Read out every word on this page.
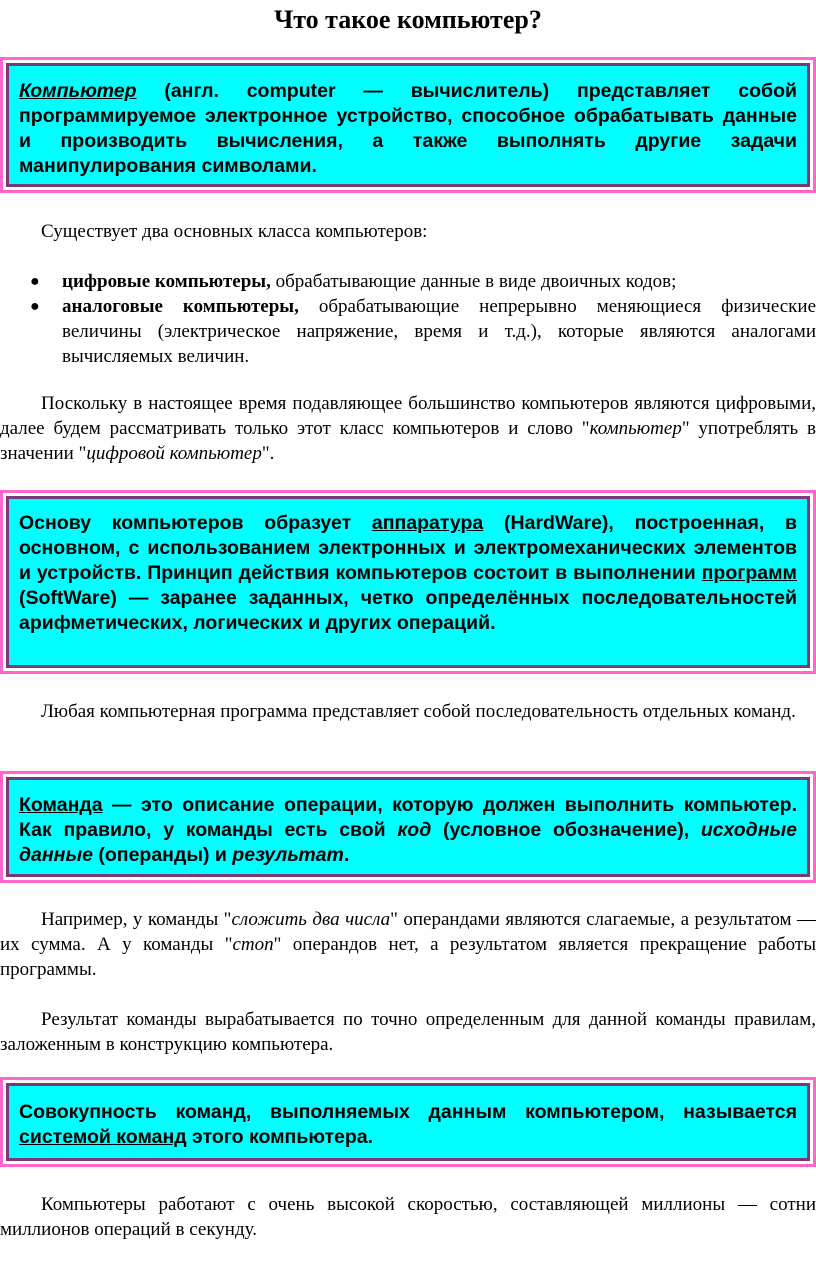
Что такое компьютер?

Компьютер (англ. computer — вычислитель) представляет собой программируемое электронное устройство, способное обрабатывать данные и производить вычисления, а также выполнять другие задачи манипулирования символами.

Существует два основных класса компьютеров:

● цифровые компьютеры, обрабатывающие данные в виде двоичных кодов;
● аналоговые компьютеры, обрабатывающие непрерывно меняющиеся физические величины (электрическое напряжение, время и т.д.), которые являются аналогами вычисляемых величин.

Поскольку в настоящее время подавляющее большинство компьютеров являются цифровыми, далее будем рассматривать только этот класс компьютеров и слово "компьютер" употреблять в значении "цифровой компьютер".

Основу компьютеров образует аппаратура (HardWare), построенная, в основном, с использованием электронных и электромеханических элементов и устройств. Принцип действия компьютеров состоит в выполнении программ (SoftWare) — заранее заданных, четко определённых последовательностей арифметических, логических и других операций.

Любая компьютерная программа представляет собой последовательность отдельных команд.

Команда — это описание операции, которую должен выполнить компьютер. Как правило, у команды есть свой код (условное обозначение), исходные данные (операнды) и результат.

Например, у команды "сложить два числа" операндами являются слагаемые, а результатом — их сумма. А у команды "стоп" операндов нет, а результатом является прекращение работы программы.

Результат команды вырабатывается по точно определенным для данной команды правилам, заложенным в конструкцию компьютера.

Совокупность команд, выполняемых данным компьютером, называется системой команд этого компьютера.

Компьютеры работают с очень высокой скоростью, составляющей миллионы — сотни миллионов операций в секунду.
